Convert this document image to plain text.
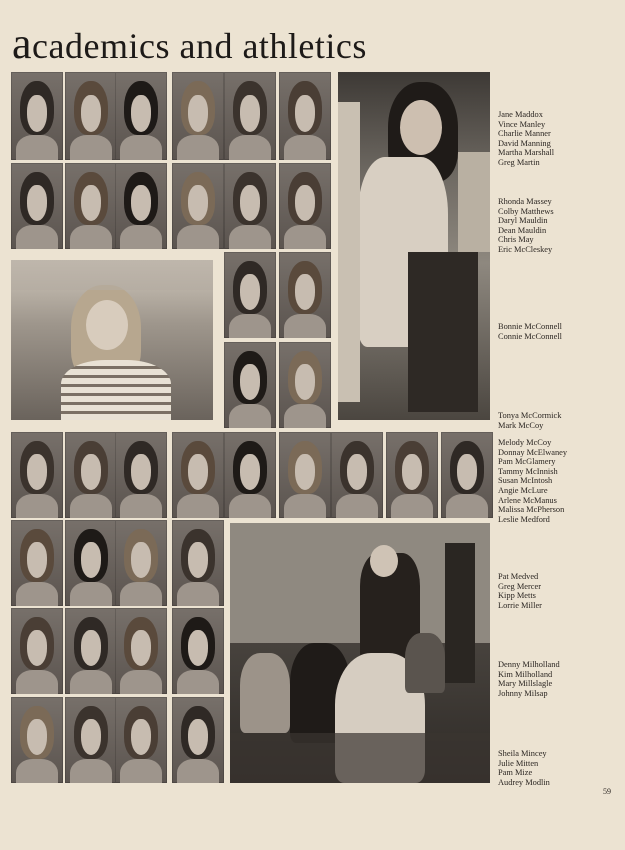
academics and athletics
Jane Maddox
Vince Manley
Charlie Manner
David Manning
Martha Marshall
Greg Martin
Rhonda Massey
Colby Matthews
Daryl Mauldin
Dean Mauldin
Chris May
Eric McCleskey
Bonnie McConnell
Connie McConnell
Tonya McCormick
Mark McCoy
Melody McCoy
Donnay McElwaney
Pam McGlamery
Tammy McInnish
Susan McIntosh
Angie McLure
Arlene McManus
Malissa McPherson
Leslie Medford
Pat Medved
Greg Mercer
Kipp Metts
Lorrie Miller
Denny Milholland
Kim Milholland
Mary Millslagle
Johnny Milsap
Sheila Mincey
Julie Mitten
Pam Mize
Audrey Modlin
59
